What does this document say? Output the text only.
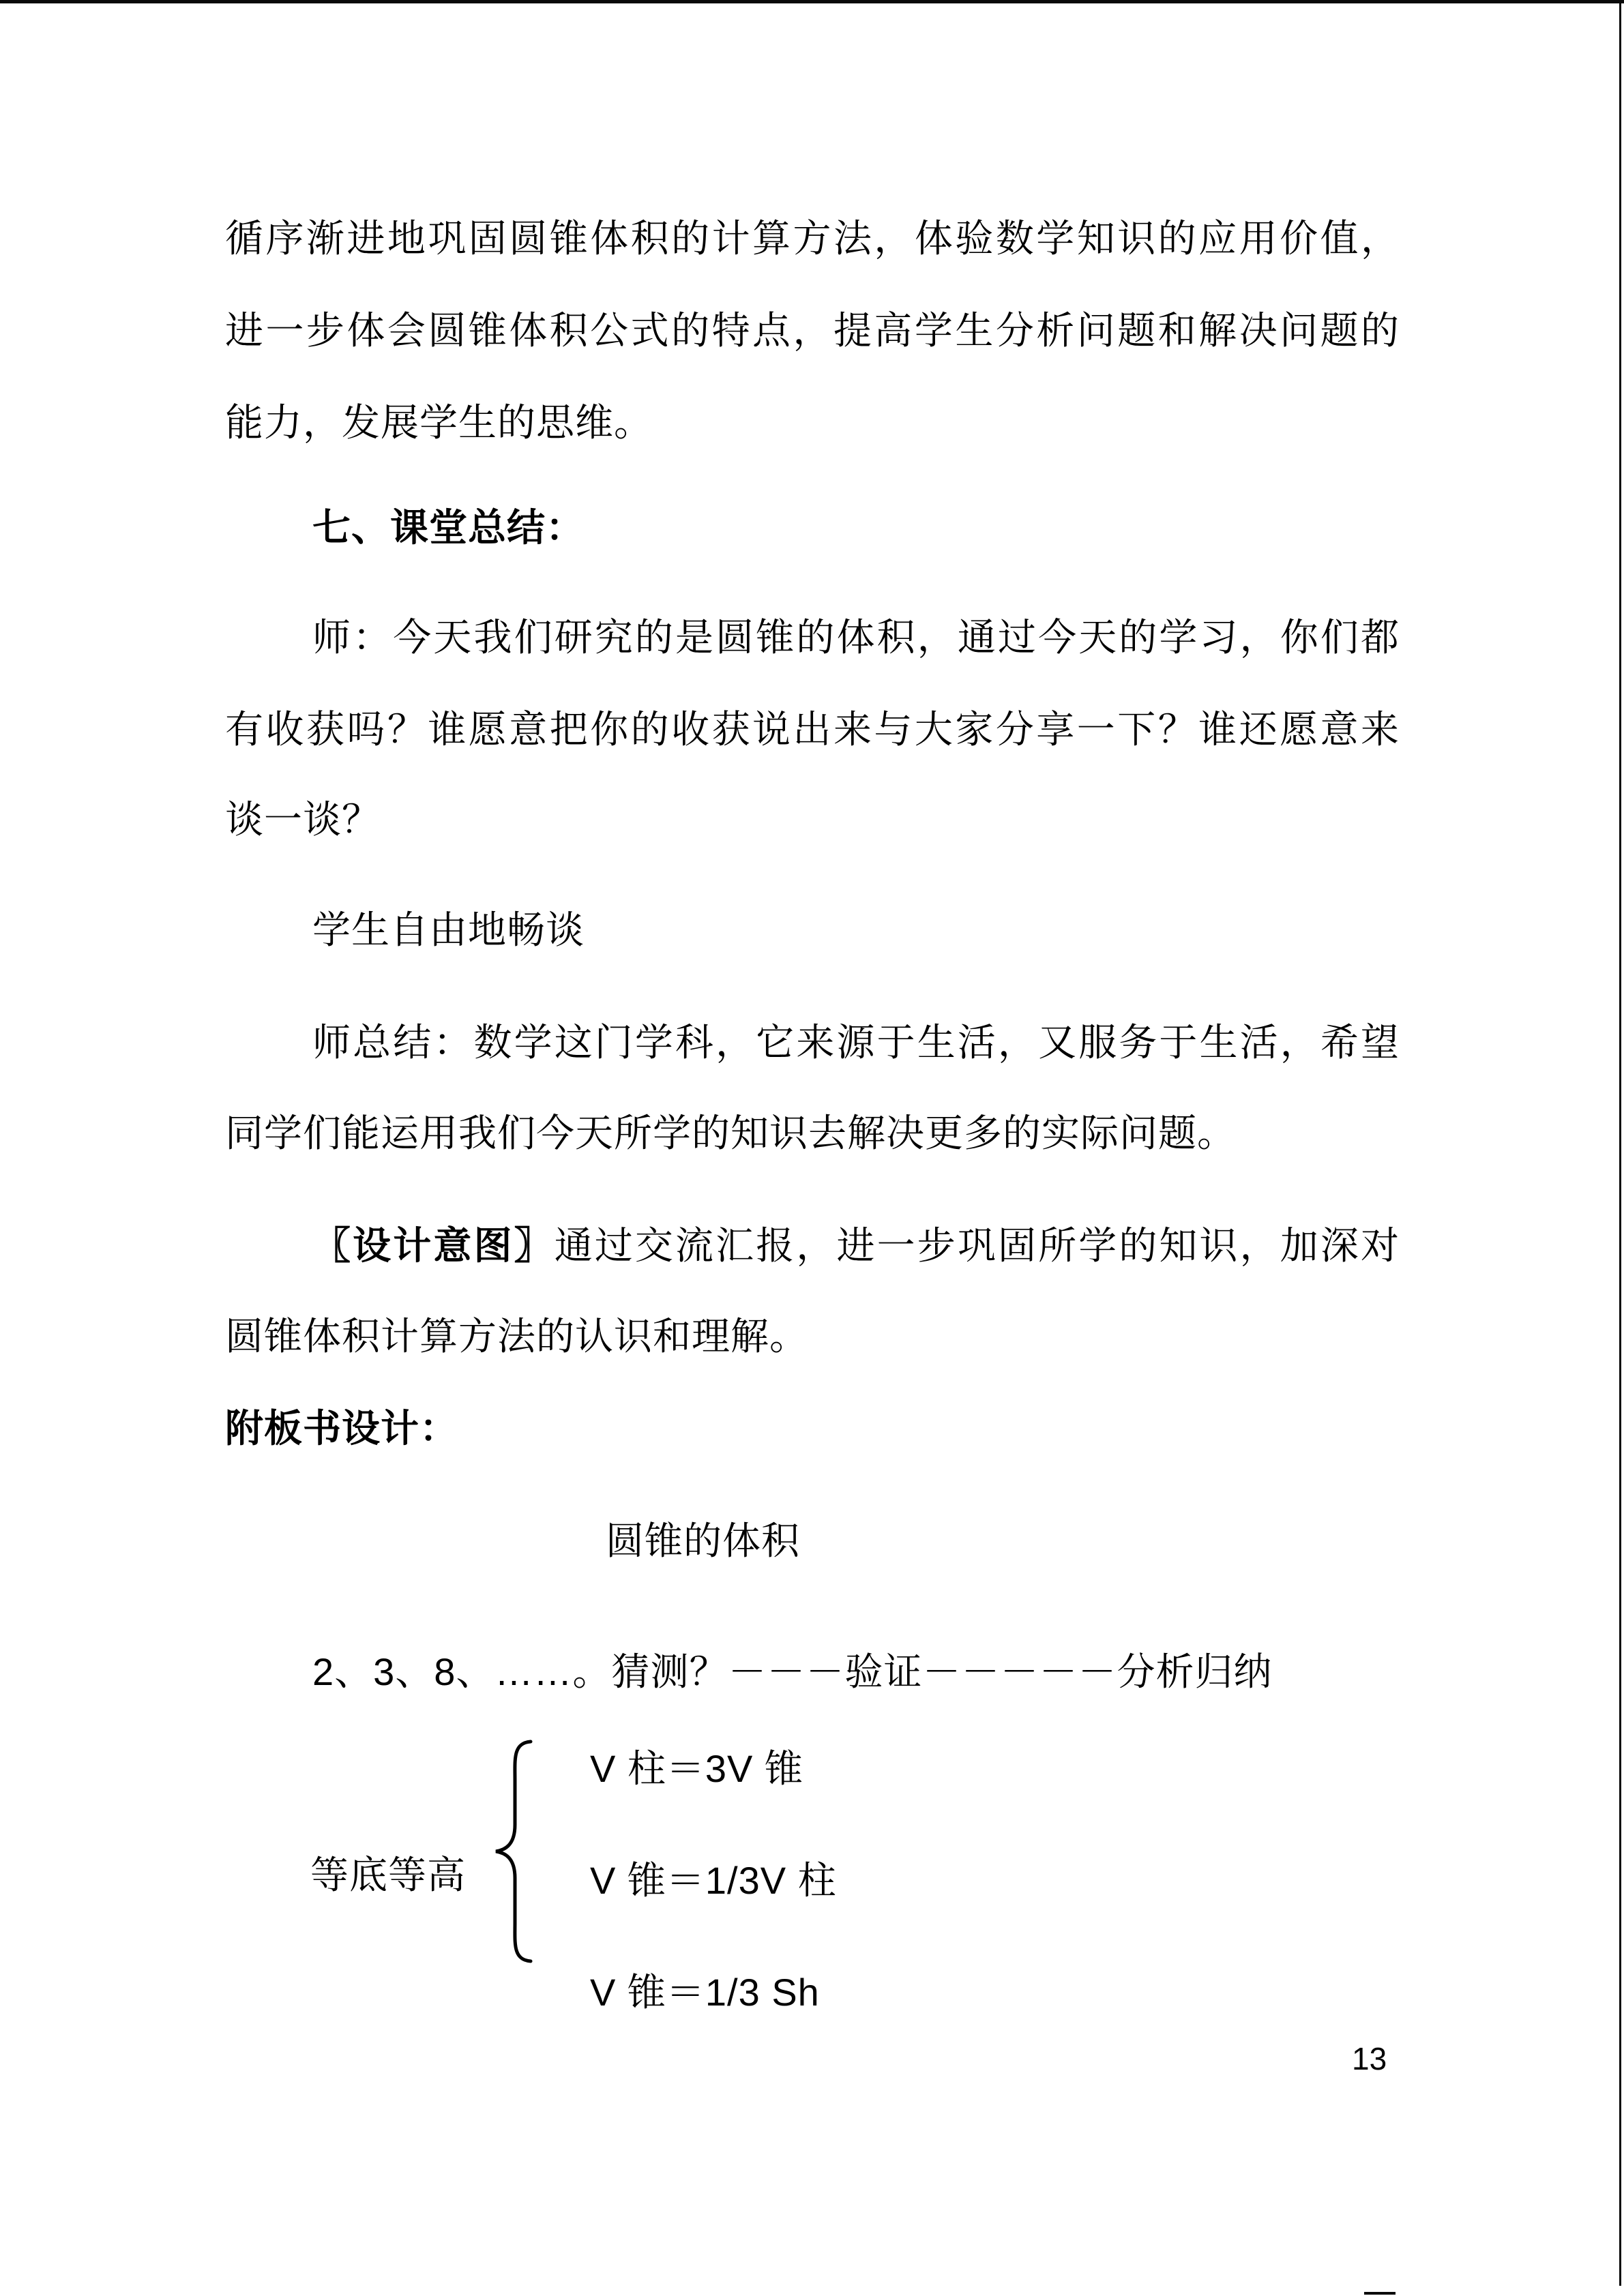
循序渐进地巩固圆锥体积的计算方法，体验数学知识的应用价值，
进一步体会圆锥体积公式的特点，提高学生分析问题和解决问题的
能力，发展学生的思维。
七、课堂总结：
师：今天我们研究的是圆锥的体积，通过今天的学习，你们都
有收获吗？谁愿意把你的收获说出来与大家分享一下？谁还愿意来
谈一谈？
学生自由地畅谈
师总结：数学这门学科，它来源于生活，又服务于生活，希望
同学们能运用我们今天所学的知识去解决更多的实际问题。
〖设计意图〗通过交流汇报，进一步巩固所学的知识，加深对
圆锥体积计算方法的认识和理解。
附板书设计：
圆锥的体积
2、3、8、……。猜测？－－－验证－－－－－分析归纳
等底等高
V 柱＝3V 锥
V 锥＝1/3V 柱
V 锥＝1/3 Sh
13
